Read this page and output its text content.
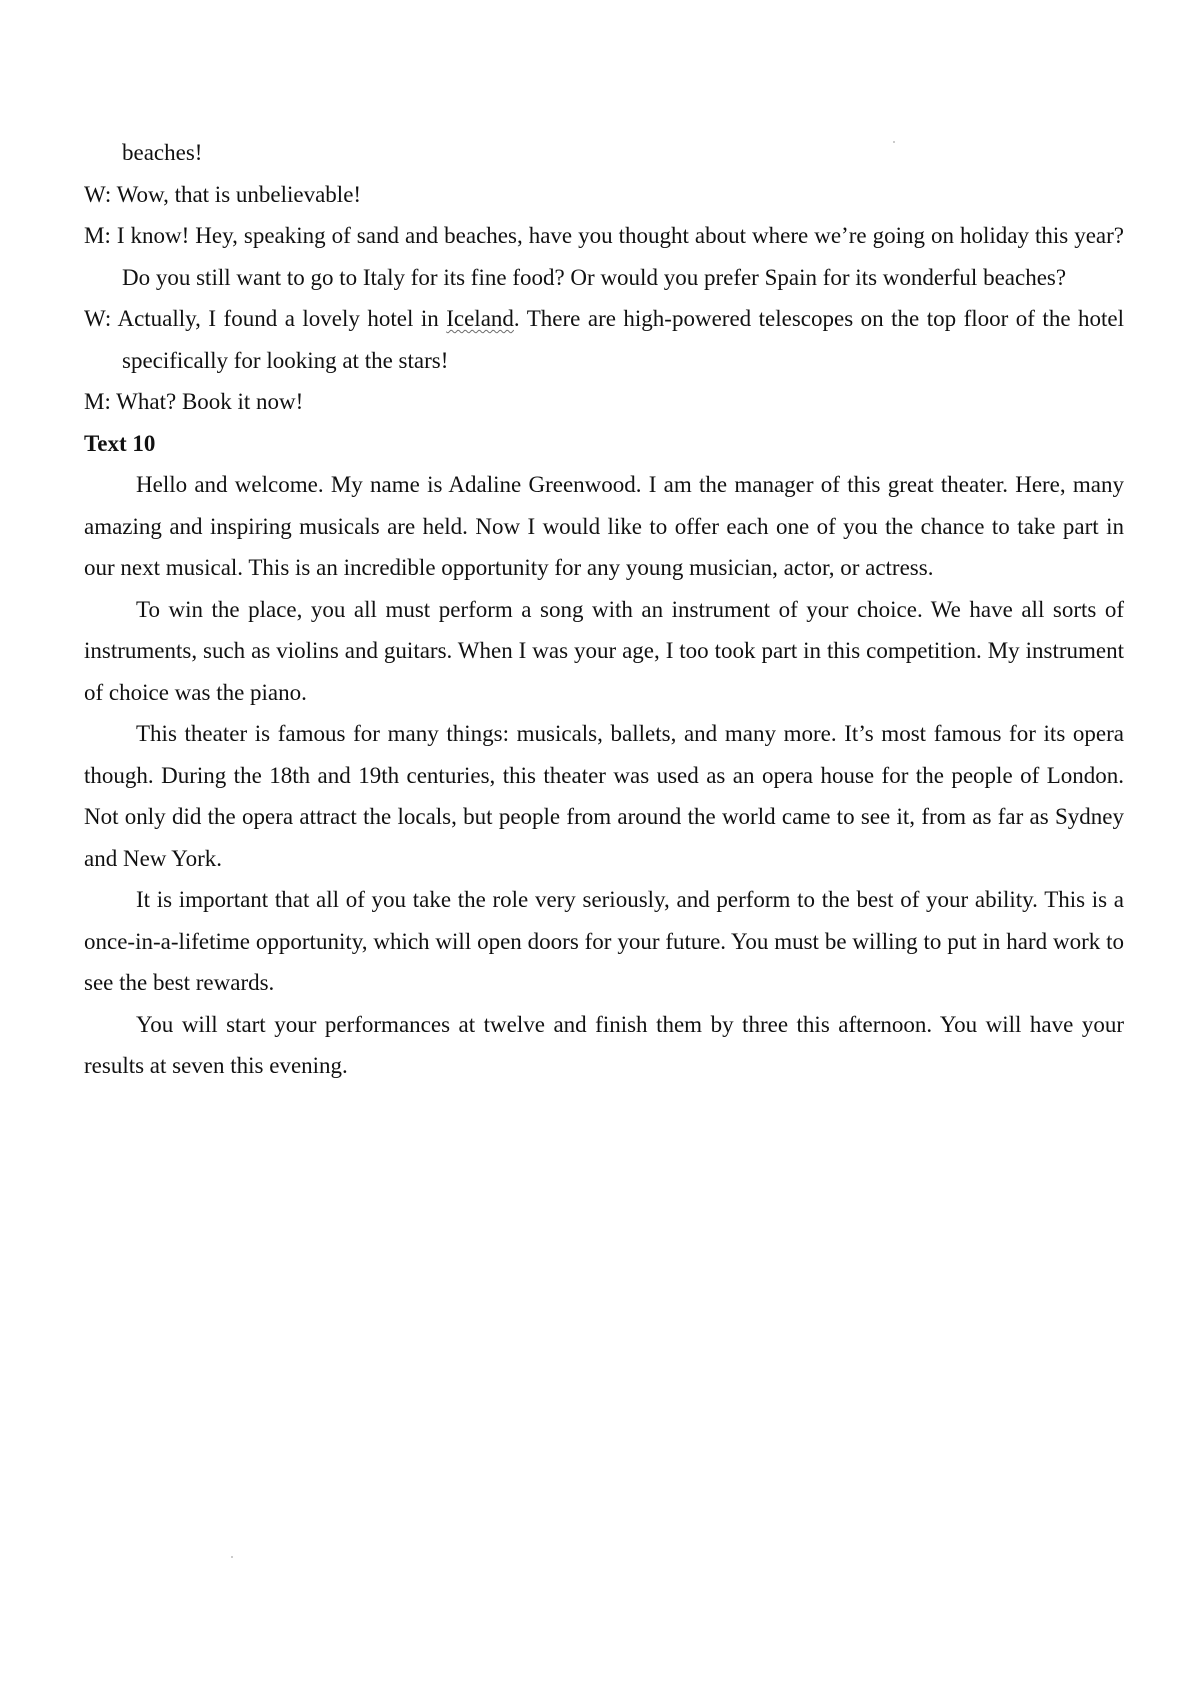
beaches!

W: Wow, that is unbelievable!

M: I know! Hey, speaking of sand and beaches, have you thought about where we’re going on holiday this year? Do you still want to go to Italy for its fine food? Or would you prefer Spain for its wonderful beaches?

W: Actually, I found a lovely hotel in Iceland. There are high-powered telescopes on the top floor of the hotel specifically for looking at the stars!

M: What? Book it now!

Text 10

Hello and welcome. My name is Adaline Greenwood. I am the manager of this great theater. Here, many amazing and inspiring musicals are held. Now I would like to offer each one of you the chance to take part in our next musical. This is an incredible opportunity for any young musician, actor, or actress.

To win the place, you all must perform a song with an instrument of your choice. We have all sorts of instruments, such as violins and guitars. When I was your age, I too took part in this competition. My instrument of choice was the piano.

This theater is famous for many things: musicals, ballets, and many more. It’s most famous for its opera though. During the 18th and 19th centuries, this theater was used as an opera house for the people of London. Not only did the opera attract the locals, but people from around the world came to see it, from as far as Sydney and New York.

It is important that all of you take the role very seriously, and perform to the best of your ability. This is a once-in-a-lifetime opportunity, which will open doors for your future. You must be willing to put in hard work to see the best rewards.

You will start your performances at twelve and finish them by three this afternoon. You will have your results at seven this evening.
